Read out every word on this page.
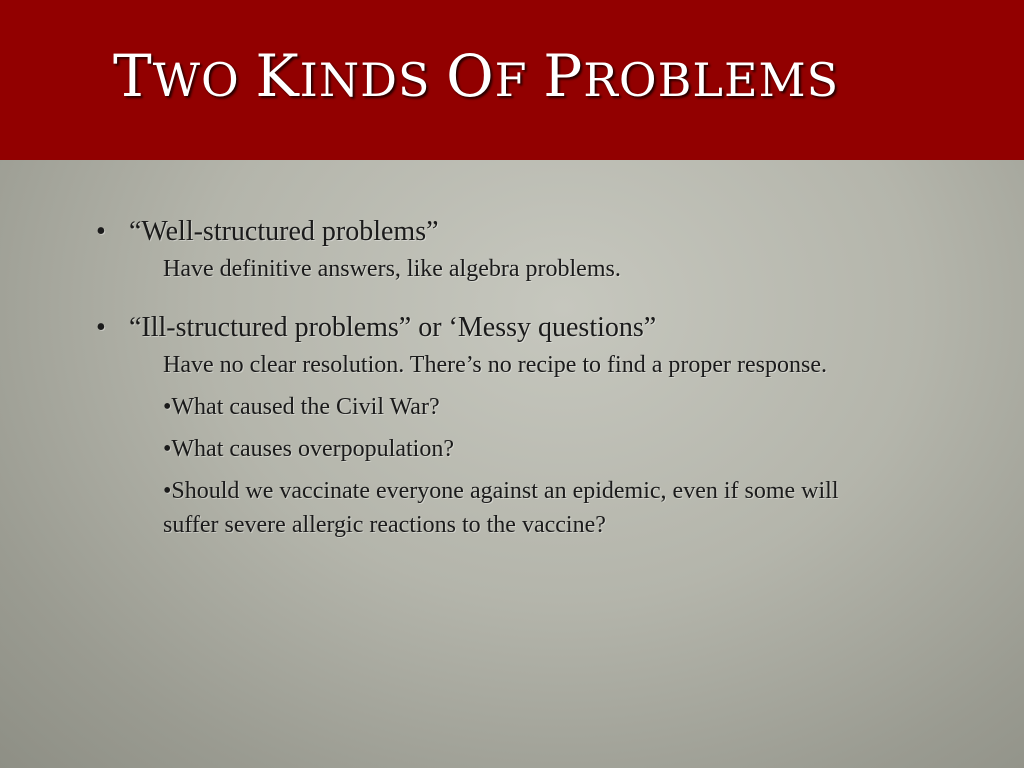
TWO KINDS OF PROBLEMS

• “Well-structured problems”

Have definitive answers, like algebra problems.

• “Ill-structured problems” or ‘Messy questions”

Have no clear resolution. There’s no recipe to find a proper response.

•What caused the Civil War?

•What causes overpopulation?

•Should we vaccinate everyone against an epidemic, even if some will suffer severe allergic reactions to the vaccine?
